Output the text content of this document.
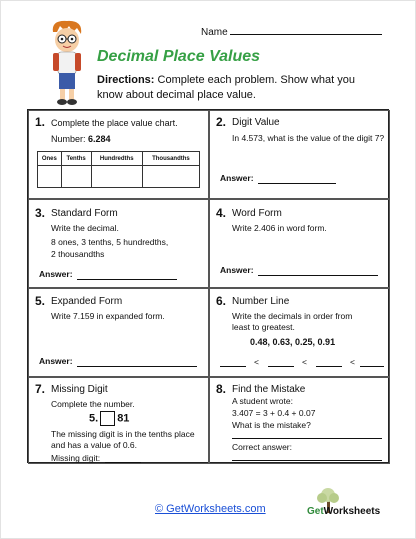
Name
Decimal Place Values
Directions: Complete each problem. Show what you know about decimal place value.
1. Complete the place value chart.
Number: 6.284
Ones	Tenths	Hundredths	Thousandths

2. Digit Value
In 4.573, what is the value of the digit 7?
Answer:
3. Standard Form
Write the decimal.
8 ones, 3 tenths, 5 hundredths,
2 thousandths
Answer:
4. Word Form
Write 2.406 in word form.
Answer:
5. Expanded Form
Write 7.159 in expanded form.
Answer:
6. Number Line
Write the decimals in order from
least to greatest.
0.48, 0.63, 0.25, 0.91
<	<	<
7. Missing Digit
Complete the number.
5. 81
The missing digit is in the tenths place
and has a value of 0.6.
Missing digit:
8. Find the Mistake
A student wrote:
3.407 = 3 + 0.4 + 0.07
What is the mistake?
Correct answer:
© GetWorksheets.com	GetWorksheets
